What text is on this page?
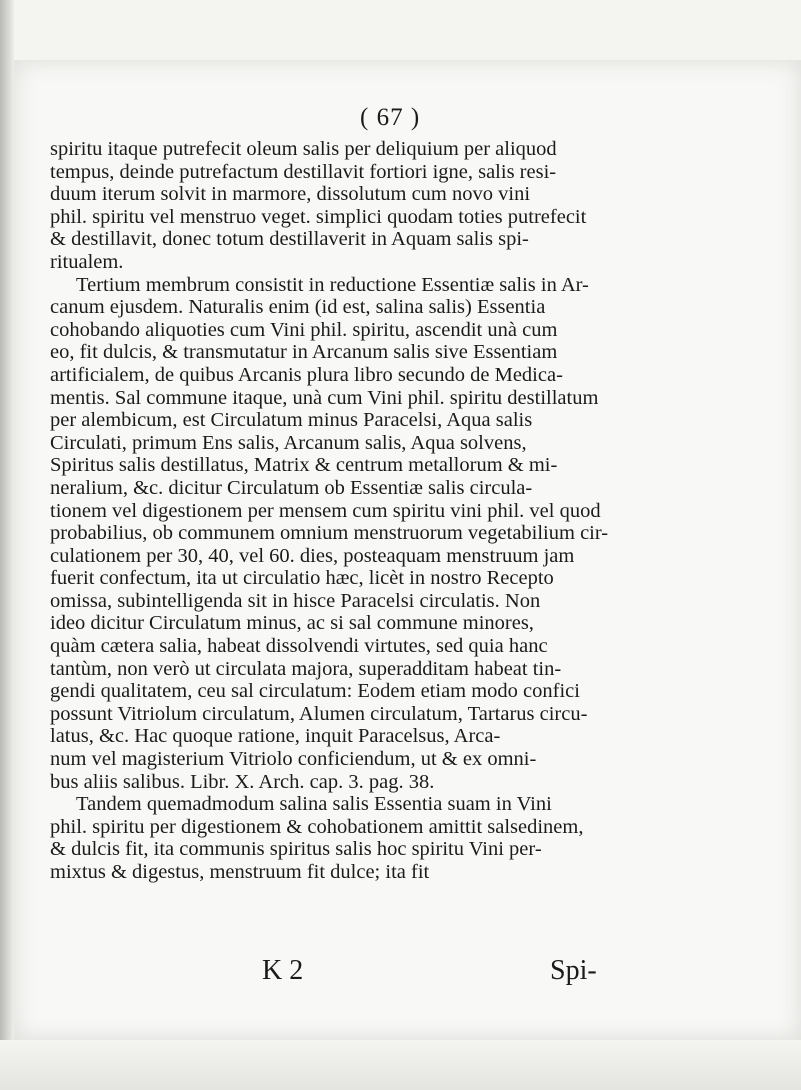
( 67 )
spiritu itaque putrefecit oleum salis per deliquium per aliquod
tempus, deinde putrefactum destillavit fortiori igne, salis resi-
duum iterum solvit in marmore, dissolutum cum novo vini
phil. spiritu vel menstruo veget. simplici quodam toties putrefecit
& destillavit, donec totum destillaverit in Aquam salis spi-
ritualem.
Tertium membrum consistit in reductione Essentiæ salis in Ar-
canum ejusdem. Naturalis enim (id est, salina salis) Essentia
cohobando aliquoties cum Vini phil. spiritu, ascendit unà cum
eo, fit dulcis, & transmutatur in Arcanum salis sive Essentiam
artificialem, de quibus Arcanis plura libro secundo de Medica-
mentis. Sal commune itaque, unà cum Vini phil. spiritu destillatum
per alembicum, est Circulatum minus Paracelsi, Aqua salis
Circulati, primum Ens salis, Arcanum salis, Aqua solvens,
Spiritus salis destillatus, Matrix & centrum metallorum & mi-
neralium, &c. dicitur Circulatum ob Essentiæ salis circula-
tionem vel digestionem per mensem cum spiritu vini phil. vel quod
probabilius, ob communem omnium menstruorum vegetabilium cir-
culationem per 30, 40, vel 60. dies, posteaquam menstruum jam
fuerit confectum, ita ut circulatio hæc, licèt in nostro Recepto
omissa, subintelligenda sit in hisce Paracelsi circulatis. Non
ideo dicitur Circulatum minus, ac si sal commune minores,
quàm cætera salia, habeat dissolvendi virtutes, sed quia hanc
tantùm, non verò ut circulata majora, superadditam habeat tin-
gendi qualitatem, ceu sal circulatum: Eodem etiam modo confici
possunt Vitriolum circulatum, Alumen circulatum, Tartarus circu-
latus, &c. Hac quoque ratione, inquit Paracelsus, Arca-
num vel magisterium Vitriolo conficiendum, ut & ex omni-
bus aliis salibus. Libr. X. Arch. cap. 3. pag. 38.
Tandem quemadmodum salina salis Essentia suam in Vini
phil. spiritu per digestionem & cohobationem amittit salsedinem,
& dulcis fit, ita communis spiritus salis hoc spiritu Vini per-
mixtus & digestus, menstruum fit dulce; ita fit
K 2	Spi-
